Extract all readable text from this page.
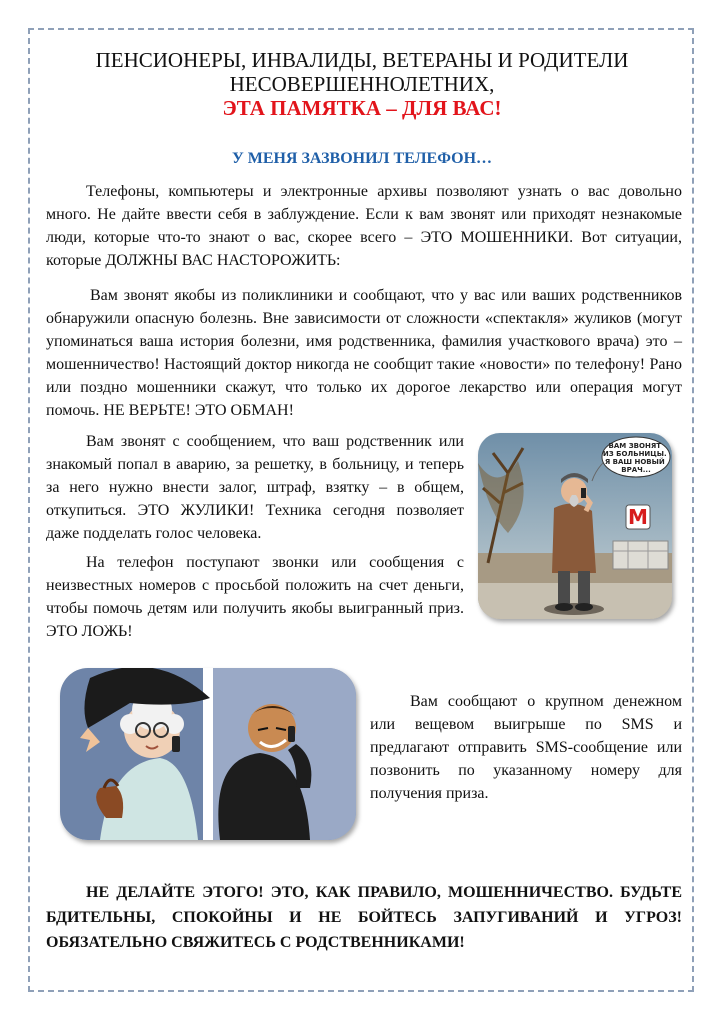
ПЕНСИОНЕРЫ, ИНВАЛИДЫ, ВЕТЕРАНЫ И РОДИТЕЛИ
НЕСОВЕРШЕННОЛЕТНИХ,
ЭТА ПАМЯТКА – ДЛЯ ВАС!
У МЕНЯ ЗАЗВОНИЛ ТЕЛЕФОН…

Телефоны, компьютеры и электронные архивы позволяют узнать о вас довольно много. Не дайте ввести себя в заблуждение. Если к вам звонят или приходят незнакомые люди, которые что-то знают о вас, скорее всего – ЭТО МОШЕННИКИ. Вот ситуации, которые ДОЛЖНЫ ВАС НАСТОРОЖИТЬ:

Вам звонят якобы из поликлиники и сообщают, что у вас или ваших родственников обнаружили опасную болезнь. Вне зависимости от сложности «спектакля» жуликов (могут упоминаться ваша история болезни, имя родственника, фамилия участкового врача) это – мошенничество! Настоящий доктор никогда не сообщит такие «новости» по телефону! Рано или поздно мошенники скажут, что только их дорогое лекарство или операция могут помочь. НЕ ВЕРЬТЕ! ЭТО ОБМАН!

Вам звонят с сообщением, что ваш родственник или знакомый попал в аварию, за решетку, в больницу, и теперь за него нужно внести залог, штраф, взятку – в общем, откупиться. ЭТО ЖУЛИКИ! Техника сегодня позволяет даже подделать голос человека.

На телефон поступают звонки или сообщения с неизвестных номеров с просьбой положить на счет деньги, чтобы помочь детям или получить якобы выигранный приз. ЭТО ЛОЖЬ!

М
ВАМ ЗВОНЯТ ИЗ БОЛЬНИЦЫ. Я ВАШ НОВЫЙ ВРАЧ...

Вам сообщают о крупном денежном или вещевом выигрыше по SMS и предлагают отправить SMS-сообщение или позвонить по указанному номеру для получения приза.

НЕ ДЕЛАЙТЕ ЭТОГО! ЭТО, КАК ПРАВИЛО, МОШЕННИЧЕСТВО. БУДЬТЕ БДИТЕЛЬНЫ, СПОКОЙНЫ И НЕ БОЙТЕСЬ ЗАПУГИВАНИЙ И УГРОЗ! ОБЯЗАТЕЛЬНО СВЯЖИТЕСЬ С РОДСТВЕННИКАМИ!
